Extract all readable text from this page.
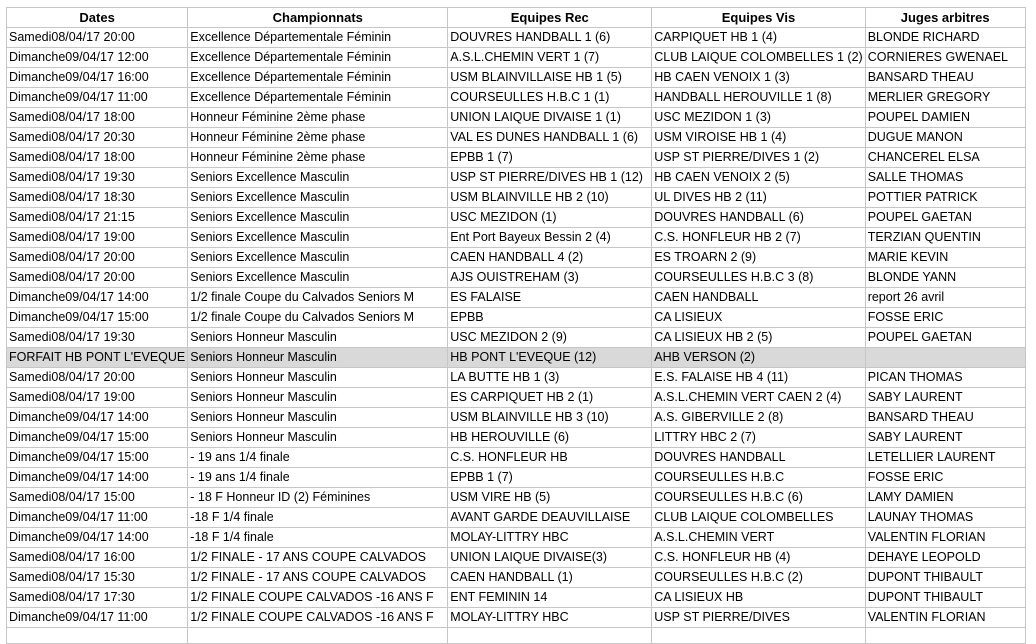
Dates	Championnats	Equipes Rec	Equipes Vis	Juges arbitres
Samedi08/04/17 20:00	Excellence Départementale Féminin	DOUVRES HANDBALL 1 (6)	CARPIQUET HB 1 (4)	BLONDE RICHARD
Dimanche09/04/17 12:00	Excellence Départementale Féminin	A.S.L.CHEMIN VERT 1 (7)	CLUB LAIQUE COLOMBELLES 1 (2)	CORNIERES GWENAEL
Dimanche09/04/17 16:00	Excellence Départementale Féminin	USM BLAINVILLAISE HB 1 (5)	HB CAEN VENOIX 1 (3)	BANSARD THEAU
Dimanche09/04/17 11:00	Excellence Départementale Féminin	COURSEULLES H.B.C 1 (1)	HANDBALL HEROUVILLE 1 (8)	MERLIER GREGORY
Samedi08/04/17 18:00	Honneur Féminine 2ème phase	UNION LAIQUE DIVAISE 1 (1)	USC MEZIDON 1 (3)	POUPEL DAMIEN
Samedi08/04/17 20:30	Honneur Féminine 2ème phase	VAL ES DUNES HANDBALL 1 (6)	USM VIROISE HB 1 (4)	DUGUE MANON
Samedi08/04/17 18:00	Honneur Féminine 2ème phase	EPBB 1 (7)	USP ST PIERRE/DIVES 1 (2)	CHANCEREL ELSA
Samedi08/04/17 19:30	Seniors Excellence Masculin	USP ST PIERRE/DIVES HB 1 (12)	HB CAEN VENOIX 2 (5)	SALLE THOMAS
Samedi08/04/17 18:30	Seniors Excellence Masculin	USM BLAINVILLE HB 2 (10)	UL DIVES HB 2 (11)	POTTIER PATRICK
Samedi08/04/17 21:15	Seniors Excellence Masculin	USC MEZIDON (1)	DOUVRES HANDBALL (6)	POUPEL GAETAN
Samedi08/04/17 19:00	Seniors Excellence Masculin	Ent Port Bayeux Bessin 2 (4)	C.S. HONFLEUR HB 2 (7)	TERZIAN QUENTIN
Samedi08/04/17 20:00	Seniors Excellence Masculin	CAEN HANDBALL 4 (2)	ES TROARN 2 (9)	MARIE KEVIN
Samedi08/04/17 20:00	Seniors Excellence Masculin	AJS OUISTREHAM (3)	COURSEULLES H.B.C 3 (8)	BLONDE YANN
Dimanche09/04/17 14:00	1/2 finale Coupe du Calvados Seniors M	ES FALAISE	CAEN HANDBALL	report 26 avril
Dimanche09/04/17 15:00	1/2 finale Coupe du Calvados Seniors M	EPBB	CA LISIEUX	FOSSE ERIC
Samedi08/04/17 19:30	Seniors Honneur Masculin	USC MEZIDON 2 (9)	CA LISIEUX HB 2 (5)	POUPEL GAETAN
FORFAIT HB PONT L'EVEQUE	Seniors Honneur Masculin	HB PONT L'EVEQUE (12)	AHB VERSON (2)	
Samedi08/04/17 20:00	Seniors Honneur Masculin	LA BUTTE HB 1 (3)	E.S. FALAISE HB 4 (11)	PICAN THOMAS
Samedi08/04/17 19:00	Seniors Honneur Masculin	ES CARPIQUET HB 2 (1)	A.S.L.CHEMIN VERT CAEN 2 (4)	SABY LAURENT
Dimanche09/04/17 14:00	Seniors Honneur Masculin	USM BLAINVILLE HB 3 (10)	A.S. GIBERVILLE 2 (8)	BANSARD THEAU
Dimanche09/04/17 15:00	Seniors Honneur Masculin	HB HEROUVILLE (6)	LITTRY HBC 2 (7)	SABY LAURENT
Dimanche09/04/17 15:00	- 19 ans 1/4 finale	C.S. HONFLEUR HB	DOUVRES HANDBALL	LETELLIER LAURENT
Dimanche09/04/17 14:00	- 19 ans 1/4 finale	EPBB 1 (7)	COURSEULLES H.B.C	FOSSE ERIC
Samedi08/04/17 15:00	- 18 F Honneur ID (2) Féminines	USM VIRE HB (5)	COURSEULLES H.B.C (6)	LAMY DAMIEN
Dimanche09/04/17 11:00	-18 F 1/4 finale	AVANT GARDE DEAUVILLAISE	CLUB LAIQUE COLOMBELLES	LAUNAY THOMAS
Dimanche09/04/17 14:00	-18 F 1/4 finale	MOLAY-LITTRY HBC	A.S.L.CHEMIN VERT	VALENTIN FLORIAN
Samedi08/04/17 16:00	1/2 FINALE - 17 ANS COUPE CALVADOS	UNION LAIQUE DIVAISE(3)	C.S. HONFLEUR HB (4)	DEHAYE LEOPOLD
Samedi08/04/17 15:30	1/2 FINALE - 17 ANS COUPE CALVADOS	CAEN HANDBALL (1)	COURSEULLES H.B.C (2)	DUPONT THIBAULT
Samedi08/04/17 17:30	1/2 FINALE COUPE CALVADOS -16 ANS F	ENT FEMININ 14	CA LISIEUX HB	DUPONT THIBAULT
Dimanche09/04/17 11:00	1/2 FINALE COUPE CALVADOS -16 ANS F	MOLAY-LITTRY HBC	USP ST PIERRE/DIVES	VALENTIN FLORIAN
